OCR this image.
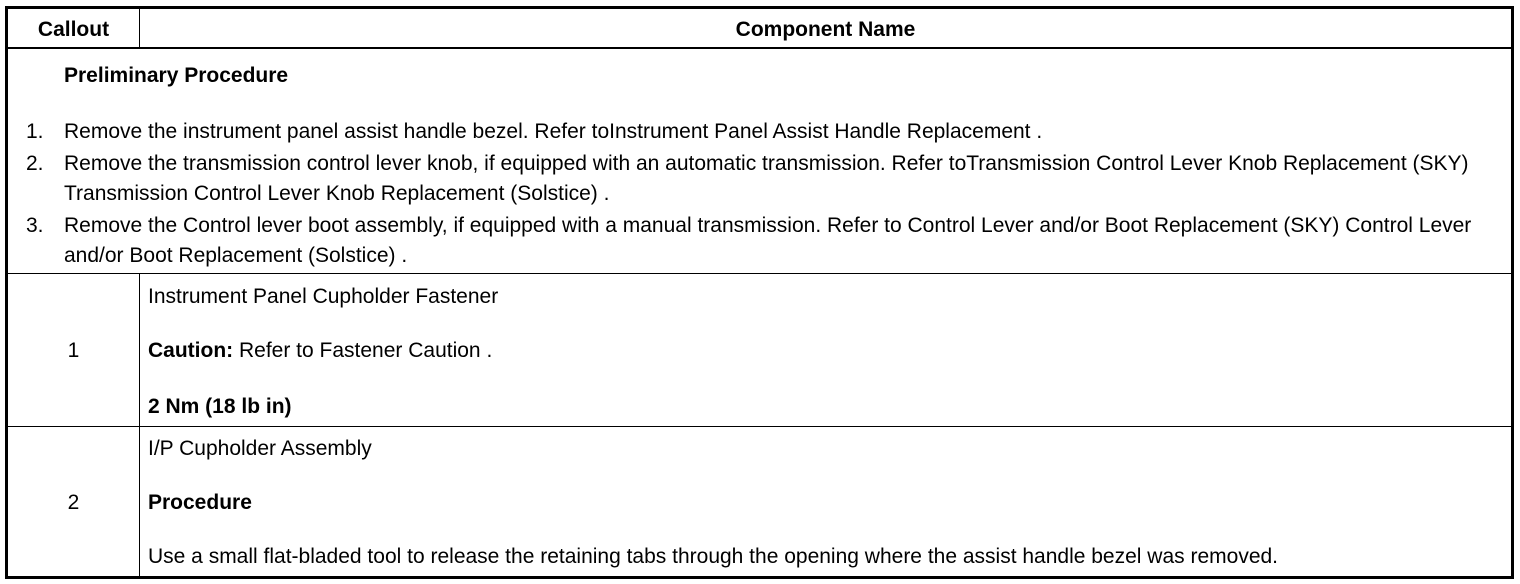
Callout	Component Name
Preliminary Procedure
1. Remove the instrument panel assist handle bezel. Refer toInstrument Panel Assist Handle Replacement .
2. Remove the transmission control lever knob, if equipped with an automatic transmission. Refer toTransmission Control Lever Knob Replacement (SKY) Transmission Control Lever Knob Replacement (Solstice) .
3. Remove the Control lever boot assembly, if equipped with a manual transmission. Refer to Control Lever and/or Boot Replacement (SKY) Control Lever and/or Boot Replacement (Solstice) .
1
Instrument Panel Cupholder Fastener
Caution: Refer to Fastener Caution .
2 Nm (18 lb in)
2
I/P Cupholder Assembly
Procedure
Use a small flat-bladed tool to release the retaining tabs through the opening where the assist handle bezel was removed.
